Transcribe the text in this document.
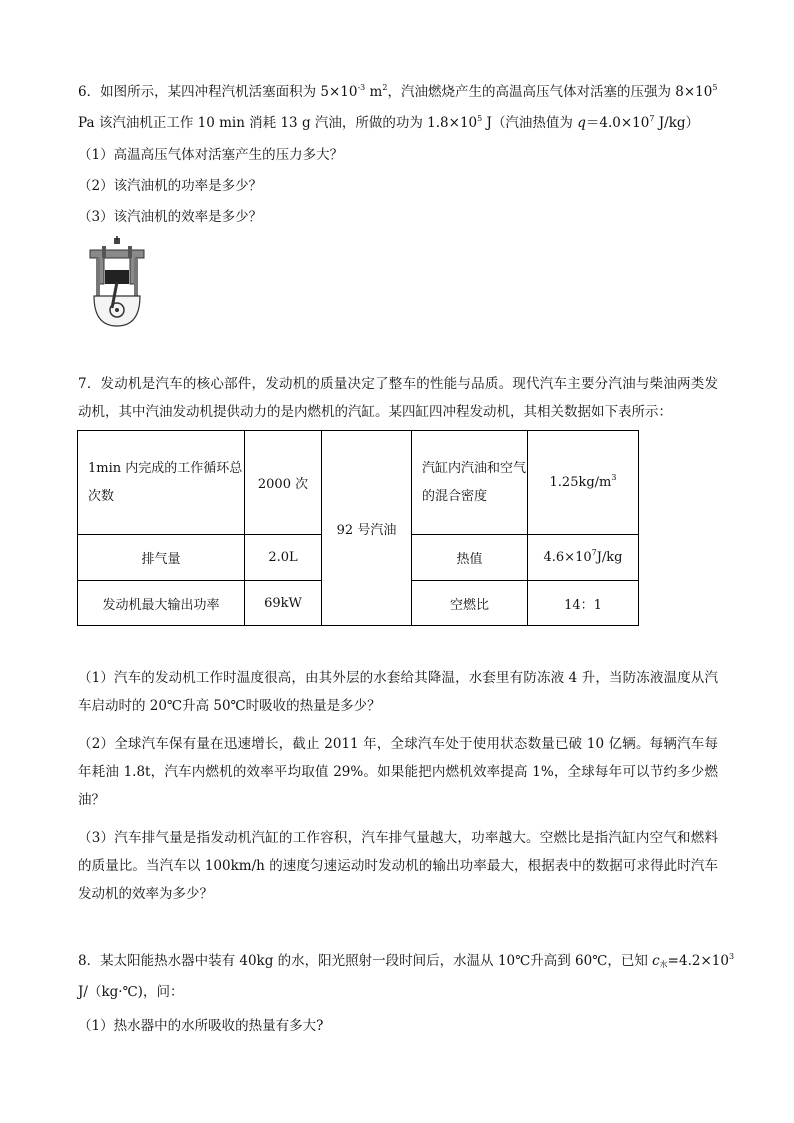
6．如图所示，某四冲程汽机活塞面积为 $5\times 10^{-3}$ $m^2$，汽油燃烧产生的高温高压气体对活塞的压强为 $8\times 10^5$
Pa 该汽油机正工作 10 min 消耗 13 g 汽油，所做的功为 $1.8\times 10^5$ J（汽油热值为 $q=4.0\times 10^7$ J/kg）
（1）高温高压气体对活塞产生的压力多大？
（2）该汽油机的功率是多少？
（3）该汽油机的效率是多少？
7．发动机是汽车的核心部件，发动机的质量决定了整车的性能与品质。现代汽车主要分汽油与柴油两类发动机，其中汽油发动机提供动力的是内燃机的汽缸。某四缸四冲程发动机，其相关数据如下表所示：
1min 内完成的工作循环总次数	2000 次	92 号汽油	汽缸内汽油和空气的混合密度	$1.25kg/m^3$
排气量	2.0L		热值	$4.6\times 10^7J/kg$
发动机最大输出功率	69kW		空燃比	14：1
（1）汽车的发动机工作时温度很高，由其外层的水套给其降温，水套里有防冻液 4 升，当防冻液温度从汽车启动时的 20℃升高 50℃时吸收的热量是多少？
（2）全球汽车保有量在迅速增长，截止 2011 年，全球汽车处于使用状态数量已破 10 亿辆。每辆汽车每年耗油 1.8t，汽车内燃机的效率平均取值 29%。如果能把内燃机效率提高 1%，全球每年可以节约多少燃油？
（3）汽车排气量是指发动机汽缸的工作容积，汽车排气量越大，功率越大。空燃比是指汽缸内空气和燃料的质量比。当汽车以 100km/h 的速度匀速运动时发动机的输出功率最大，根据表中的数据可求得此时汽车发动机的效率为多少？
8．某太阳能热水器中装有 40kg 的水，阳光照射一段时间后，水温从 10℃升高到 60℃，已知 $c_水=4.2\times 10^3$
J/（kg·℃)，问：
（1）热水器中的水所吸收的热量有多大?
